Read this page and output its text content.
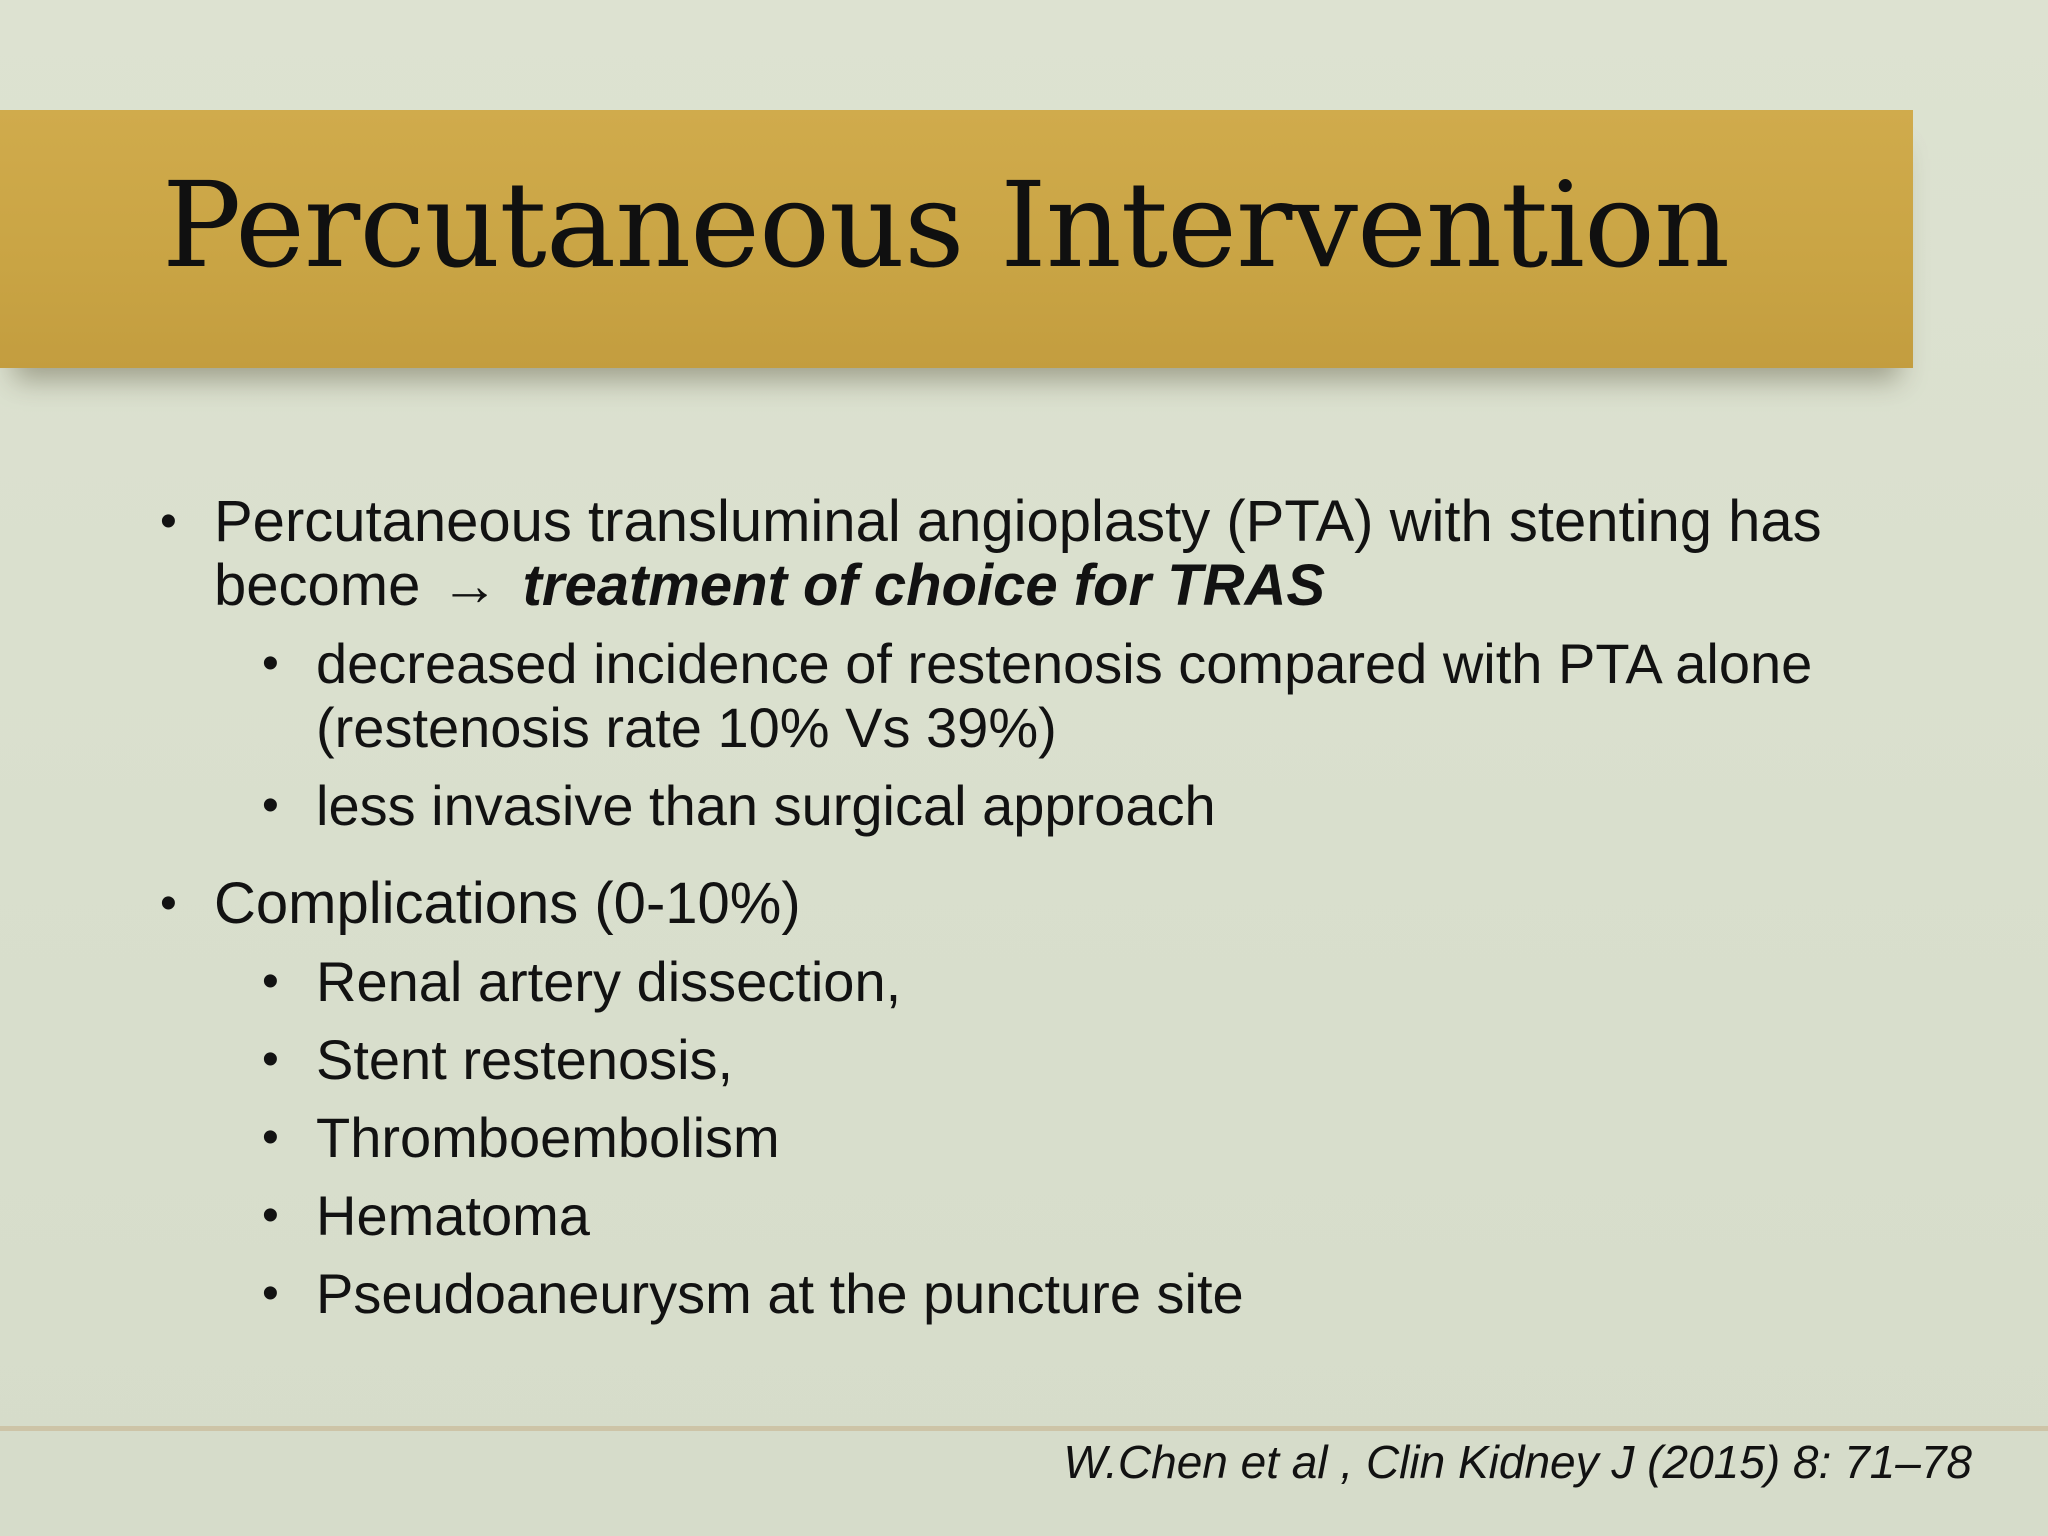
Percutaneous Intervention
• Percutaneous transluminal angioplasty (PTA) with stenting has become → treatment of choice for TRAS
• decreased incidence of restenosis compared with PTA alone (restenosis rate 10% Vs 39%)
• less invasive than surgical approach
• Complications (0-10%)
• Renal artery dissection,
• Stent restenosis,
• Thromboembolism
• Hematoma
• Pseudoaneurysm at the puncture site
W.Chen et al , Clin Kidney J (2015) 8: 71–78
